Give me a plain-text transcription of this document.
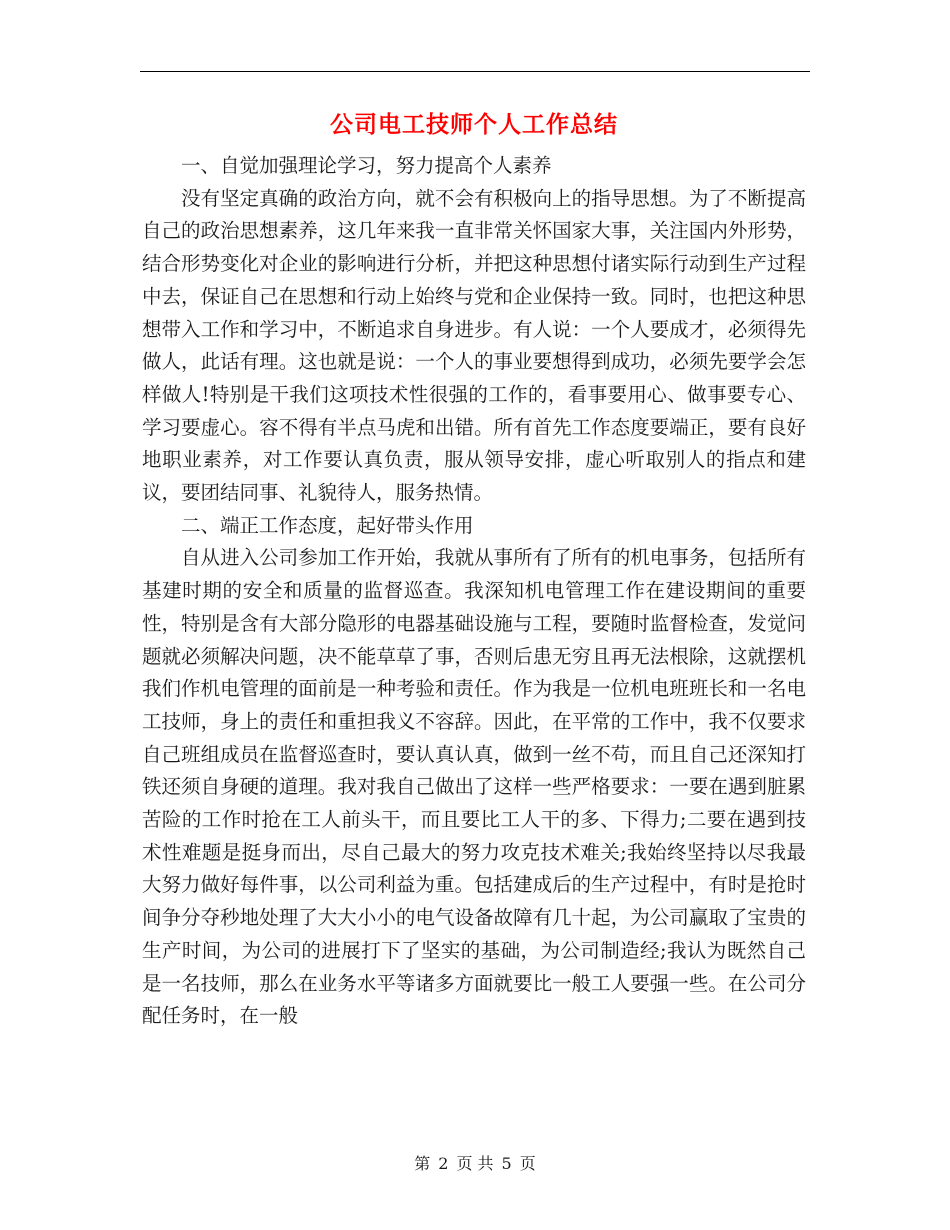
公司电工技师个人工作总结

一、自觉加强理论学习，努力提高个人素养

没有坚定真确的政治方向，就不会有积极向上的指导思想。为了不断提高自己的政治思想素养，这几年来我一直非常关怀国家大事，关注国内外形势，结合形势变化对企业的影响进行分析，并把这种思想付诸实际行动到生产过程中去，保证自己在思想和行动上始终与党和企业保持一致。同时，也把这种思想带入工作和学习中，不断追求自身进步。有人说：一个人要成才，必须得先做人，此话有理。这也就是说：一个人的事业要想得到成功，必须先要学会怎样做人!特别是干我们这项技术性很强的工作的，看事要用心、做事要专心、学习要虚心。容不得有半点马虎和出错。所有首先工作态度要端正，要有良好地职业素养，对工作要认真负责，服从领导安排，虚心听取别人的指点和建议，要团结同事、礼貌待人，服务热情。

二、端正工作态度，起好带头作用

自从进入公司参加工作开始，我就从事所有了所有的机电事务，包括所有基建时期的安全和质量的监督巡查。我深知机电管理工作在建设期间的重要性，特别是含有大部分隐形的电器基础设施与工程，要随时监督检查，发觉问题就必须解决问题，决不能草草了事，否则后患无穷且再无法根除，这就摆机我们作机电管理的面前是一种考验和责任。作为我是一位机电班班长和一名电工技师，身上的责任和重担我义不容辞。因此，在平常的工作中，我不仅要求自己班组成员在监督巡查时，要认真认真，做到一丝不苟，而且自己还深知打铁还须自身硬的道理。我对我自己做出了这样一些严格要求：一要在遇到脏累苦险的工作时抢在工人前头干，而且要比工人干的多、下得力;二要在遇到技术性难题是挺身而出，尽自己最大的努力攻克技术难关;我始终坚持以尽我最大努力做好每件事，以公司利益为重。包括建成后的生产过程中，有时是抢时间争分夺秒地处理了大大小小的电气设备故障有几十起，为公司赢取了宝贵的生产时间，为公司的进展打下了坚实的基础，为公司制造经;我认为既然自己是一名技师，那么在业务水平等诸多方面就要比一般工人要强一些。在公司分配任务时，在一般

第 2 页 共 5 页
